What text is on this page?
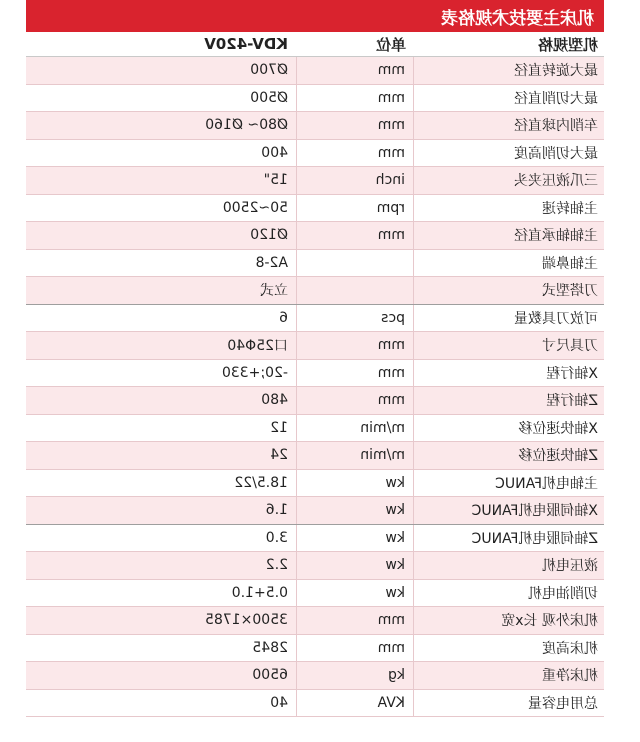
机床主要技术规格表
机型规格
单位
KDV-420V
最大旋转直径
mm
Ø700
最大切削直径
mm
Ø500
车削内球直径
mm
Ø80~ Ø160
最大切削高度
mm
400
三爪液压夹头
inch
15"
主轴转速
rpm
50~2500
主轴轴承直径
mm
Ø120
主轴鼻端
A2-8
刀塔型式
立式
可放刀具数量
pcs
6
刀具尺寸
mm
口25Φ40
X轴行程
mm
-20;+330
Z轴行程
mm
480
X轴快速位移
m/min
12
Z轴快速位移
m/min
24
主轴电机FANUC
kw
18.5/22
X轴伺服电机FANUC
kw
1.6
Z轴伺服电机FANUC
kw
3.0
液压电机
kw
2.2
切削油电机
kw
0.5+1.0
机床外观 长x宽
mm
3500×1785
机床高度
mm
2845
机床净重
kg
6500
总用电容量
KVA
40
